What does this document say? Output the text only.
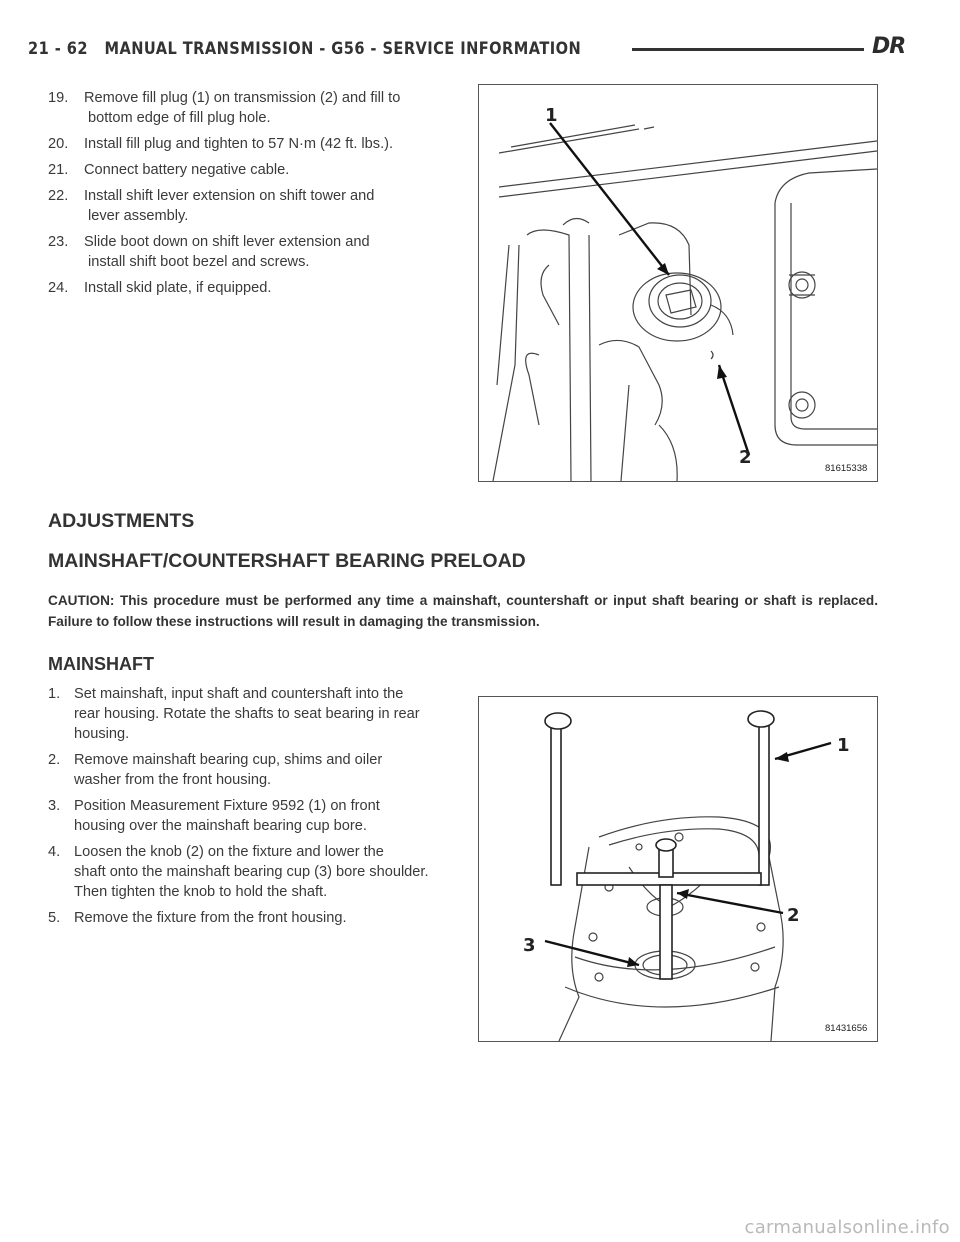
21 - 62 MANUAL TRANSMISSION - G56 - SERVICE INFORMATION	DR
19. Remove fill plug (1) on transmission (2) and fill to
bottom edge of fill plug hole.
20. Install fill plug and tighten to 57 N·m (42 ft. lbs.).
21. Connect battery negative cable.
22. Install shift lever extension on shift tower and
lever assembly.
23. Slide boot down on shift lever extension and
install shift boot bezel and screws.
24. Install skid plate, if equipped.
1
2
81615338
ADJUSTMENTS
MAINSHAFT/COUNTERSHAFT BEARING PRELOAD

CAUTION: This procedure must be performed any time a mainshaft, countershaft or input shaft bearing or shaft is replaced. Failure to follow these instructions will result in damaging the transmission.

MAINSHAFT
1. Set mainshaft, input shaft and countershaft into the
rear housing. Rotate the shafts to seat bearing in rear housing.
2. Remove mainshaft bearing cup, shims and oiler
washer from the front housing.
3. Position Measurement Fixture 9592 (1) on front
housing over the mainshaft bearing cup bore.
4. Loosen the knob (2) on the fixture and lower the
shaft onto the mainshaft bearing cup (3) bore shoulder. Then tighten the knob to hold the shaft.
5. Remove the fixture from the front housing.
1
2
3
81431656
carmanualsonline.info
